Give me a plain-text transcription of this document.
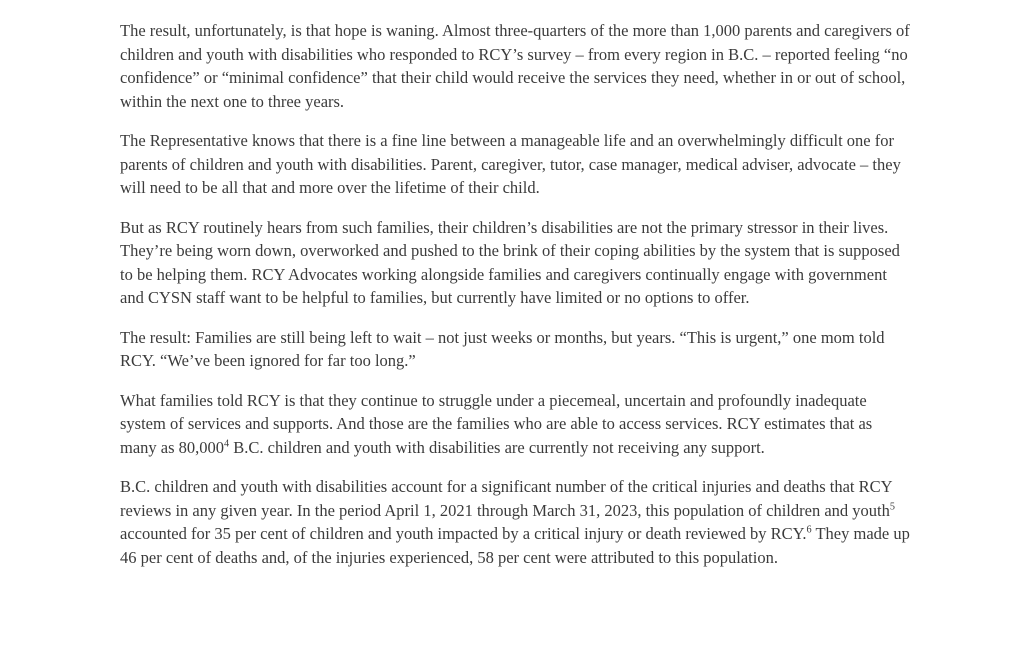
The result, unfortunately, is that hope is waning. Almost three-quarters of the more than 1,000 parents and caregivers of children and youth with disabilities who responded to RCY’s survey – from every region in B.C. – reported feeling “no confidence” or “minimal confidence” that their child would receive the services they need, whether in or out of school, within the next one to three years.

The Representative knows that there is a fine line between a manageable life and an overwhelmingly difficult one for parents of children and youth with disabilities. Parent, caregiver, tutor, case manager, medical adviser, advocate – they will need to be all that and more over the lifetime of their child.

But as RCY routinely hears from such families, their children’s disabilities are not the primary stressor in their lives. They’re being worn down, overworked and pushed to the brink of their coping abilities by the system that is supposed to be helping them. RCY Advocates working alongside families and caregivers continually engage with government and CYSN staff want to be helpful to families, but currently have limited or no options to offer.

The result: Families are still being left to wait – not just weeks or months, but years. “This is urgent,” one mom told RCY. “We’ve been ignored for far too long.”

What families told RCY is that they continue to struggle under a piecemeal, uncertain and profoundly inadequate system of services and supports. And those are the families who are able to access services. RCY estimates that as many as 80,000$^4$ B.C. children and youth with disabilities are currently not receiving any support.

B.C. children and youth with disabilities account for a significant number of the critical injuries and deaths that RCY reviews in any given year. In the period April 1, 2021 through March 31, 2023, this population of children and youth$^5$ accounted for 35 per cent of children and youth impacted by a critical injury or death reviewed by RCY.$^6$ They made up 46 per cent of deaths and, of the injuries experienced, 58 per cent were attributed to this population.
